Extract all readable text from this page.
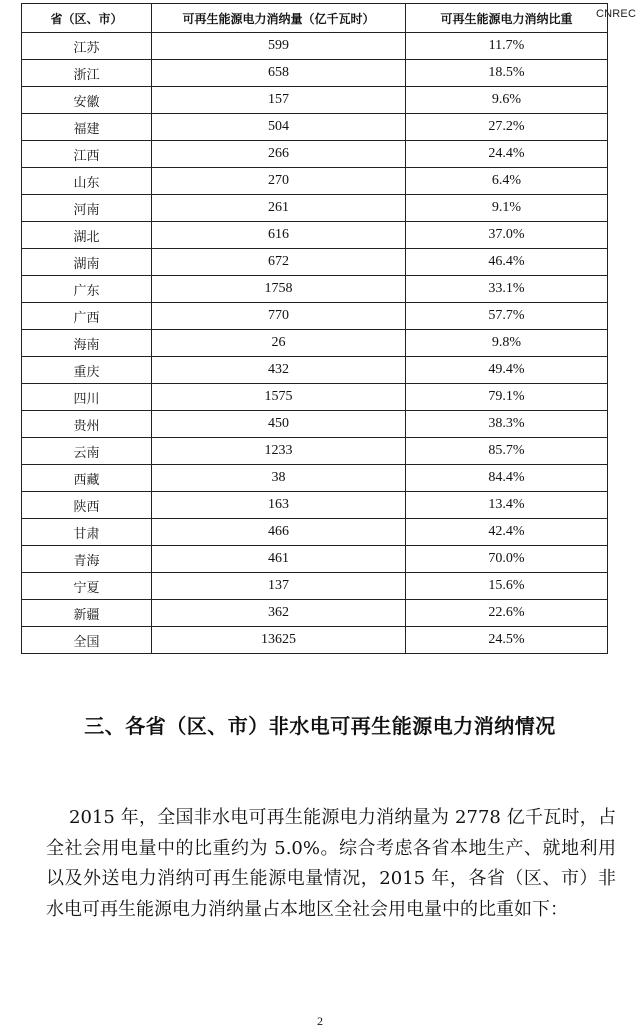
CNREC
省（区、市）	可再生能源电力消纳量（亿千瓦时）	可再生能源电力消纳比重
江苏	599	11.7%
浙江	658	18.5%
安徽	157	9.6%
福建	504	27.2%
江西	266	24.4%
山东	270	6.4%
河南	261	9.1%
湖北	616	37.0%
湖南	672	46.4%
广东	1758	33.1%
广西	770	57.7%
海南	26	9.8%
重庆	432	49.4%
四川	1575	79.1%
贵州	450	38.3%
云南	1233	85.7%
西藏	38	84.4%
陕西	163	13.4%
甘肃	466	42.4%
青海	461	70.0%
宁夏	137	15.6%
新疆	362	22.6%
全国	13625	24.5%
三、各省（区、市）非水电可再生能源电力消纳情况

2015 年，全国非水电可再生能源电力消纳量为 2778 亿千瓦时，占全社会用电量中的比重约为 5.0%。综合考虑各省本地生产、就地利用以及外送电力消纳可再生能源电量情况，2015 年，各省（区、市）非水电可再生能源电力消纳量占本地区全社会用电量中的比重如下：

2
